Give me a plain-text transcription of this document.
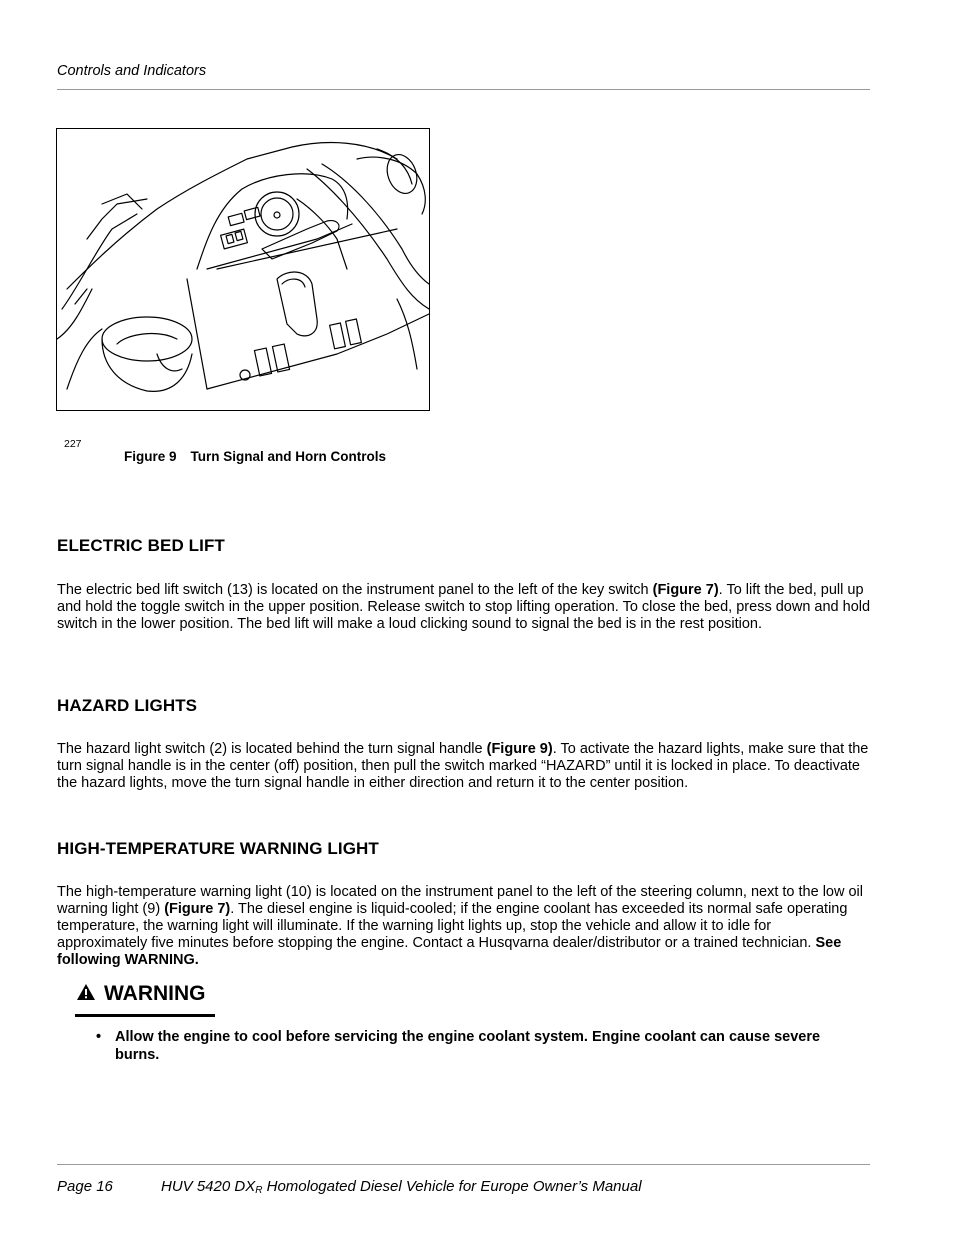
Controls and Indicators
227
Figure 9 Turn Signal and Horn Controls
ELECTRIC BED LIFT

The electric bed lift switch (13) is located on the instrument panel to the left of the key switch (Figure 7). To lift the bed, pull up and hold the toggle switch in the upper position. Release switch to stop lifting operation. To close the bed, press down and hold switch in the lower position. The bed lift will make a loud clicking sound to signal the bed is in the rest position.

HAZARD LIGHTS

The hazard light switch (2) is located behind the turn signal handle (Figure 9). To activate the hazard lights, make sure that the turn signal handle is in the center (off) position, then pull the switch marked “HAZARD” until it is locked in place. To deactivate the hazard lights, move the turn signal handle in either direction and return it to the center position.

HIGH-TEMPERATURE WARNING LIGHT

The high-temperature warning light (10) is located on the instrument panel to the left of the steering column, next to the low oil warning light (9) (Figure 7). The diesel engine is liquid-cooled; if the engine coolant has exceeded its normal safe operating temperature, the warning light will illuminate. If the warning light lights up, stop the vehicle and allow it to idle for approximately five minutes before stopping the engine. Contact a Husqvarna dealer/distributor or a trained technician. See following WARNING.

WARNING
• Allow the engine to cool before servicing the engine coolant system. Engine coolant can cause severe burns.
Page 16	HUV 5420 $DX_R$ Homologated Diesel Vehicle for Europe Owner’s Manual
